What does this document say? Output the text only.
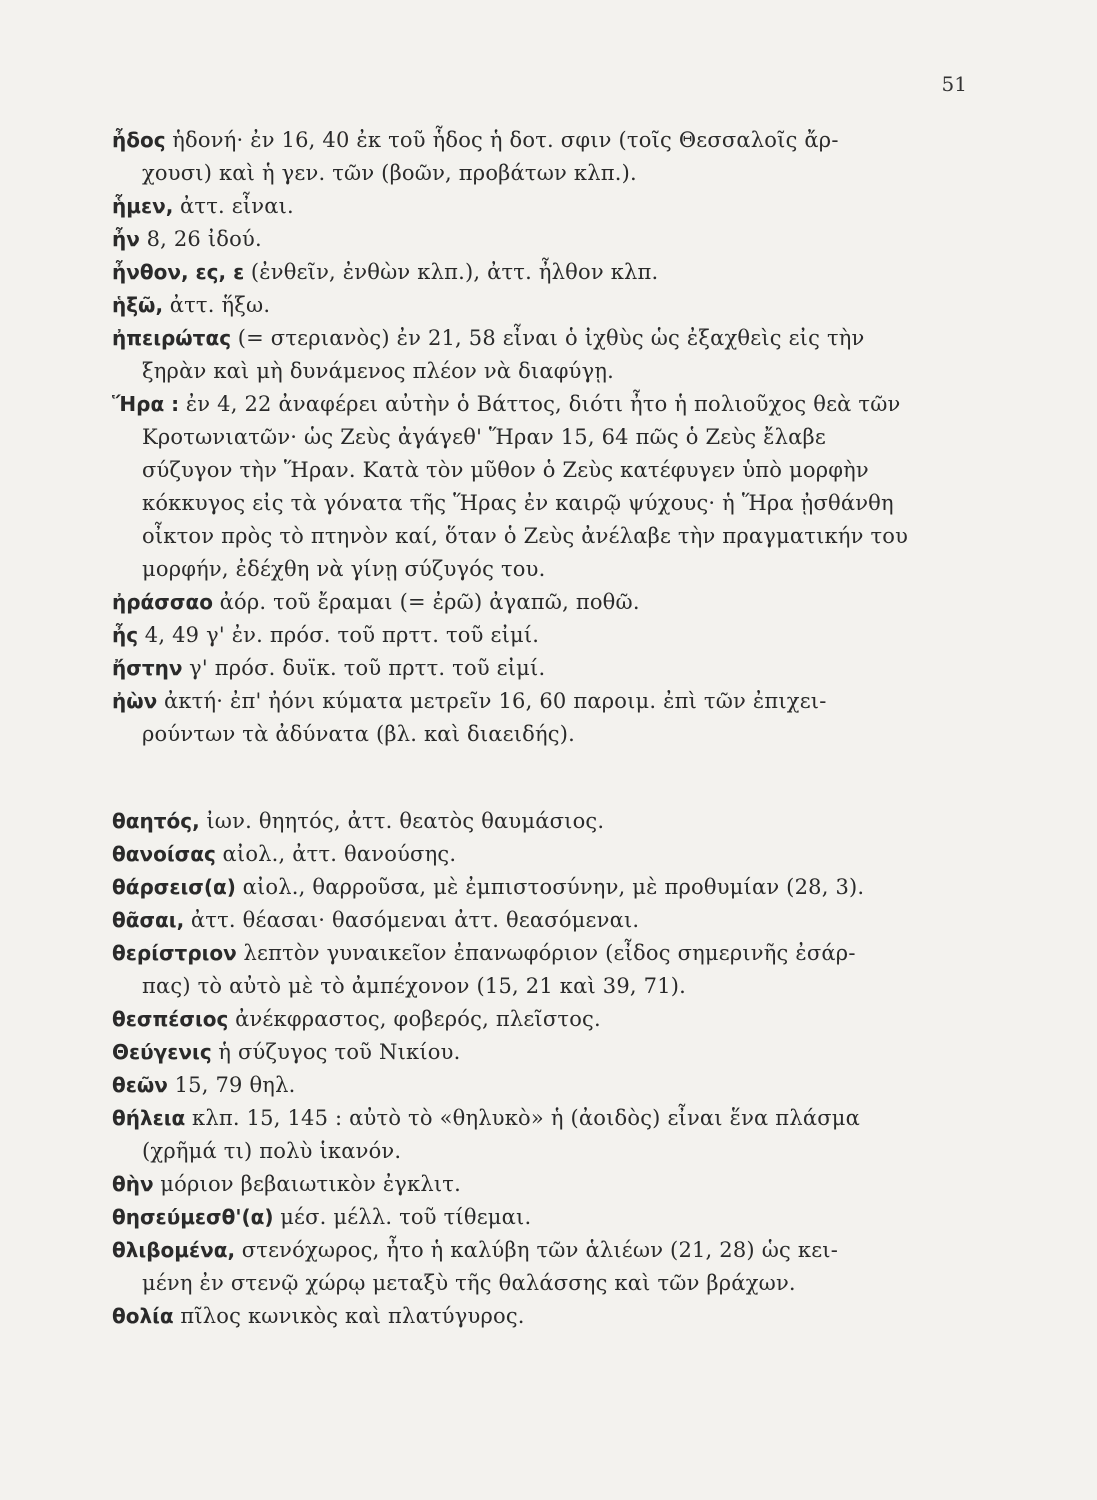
51
ἦδος ἡδονή· ἐν 16, 40 ἐκ τοῦ ἧδος ἡ δοτ. σφιν (τοῖς Θεσσαλοῖς ἄρ-
χουσι) καὶ ἡ γεν. τῶν (βοῶν, προβάτων κλπ.).
ἧμεν, ἀττ. εἶναι.
ἦν 8, 26 ἰδού.
ἦνθον, ες, ε (ἐνθεῖν, ἐνθὼν κλπ.), ἀττ. ἦλθον κλπ.
ἡξῶ, ἀττ. ἥξω.
ἠπειρώτας (= στεριανὸς) ἐν 21, 58 εἶναι ὁ ἰχθὺς ὡς ἐξαχθεὶς εἰς τὴν
ξηρὰν καὶ μὴ δυνάμενος πλέον νὰ διαφύγῃ.
Ἥρα : ἐν 4, 22 ἀναφέρει αὐτὴν ὁ Βάττος, διότι ἦτο ἡ πολιοῦχος θεὰ τῶν
Κροτωνιατῶν· ὡς Ζεὺς ἀγάγεθ' Ἥραν 15, 64 πῶς ὁ Ζεὺς ἔλαβε
σύζυγον τὴν Ἥραν. Κατὰ τὸν μῦθον ὁ Ζεὺς κατέφυγεν ὑπὸ μορφὴν
κόκκυγος εἰς τὰ γόνατα τῆς Ἥρας ἐν καιρῷ ψύχους· ἡ Ἥρα ᾐσθάνθη
οἶκτον πρὸς τὸ πτηνὸν καί, ὅταν ὁ Ζεὺς ἀνέλαβε τὴν πραγματικήν του
μορφήν, ἐδέχθη νὰ γίνῃ σύζυγός του.
ἠράσσαο ἀόρ. τοῦ ἔραμαι (= ἐρῶ) ἀγαπῶ, ποθῶ.
ἦς 4, 49 γ' ἐν. πρόσ. τοῦ πρττ. τοῦ εἰμί.
ἤστην γ' πρόσ. δυϊκ. τοῦ πρττ. τοῦ εἰμί.
ἠὼν ἀκτή· ἐπ' ἠόνι κύματα μετρεῖν 16, 60 παροιμ. ἐπὶ τῶν ἐπιχει-
ρούντων τὰ ἀδύνατα (βλ. καὶ διαειδής).
θαητός, ἰων. θηητός, ἀττ. θεατὸς θαυμάσιος.
θανοίσας αἰολ., ἀττ. θανούσης.
θάρσεισ(α) αἰολ., θαρροῦσα, μὲ ἐμπιστοσύνην, μὲ προθυμίαν (28, 3).
θᾶσαι, ἀττ. θέασαι· θασόμεναι ἀττ. θεασόμεναι.
θερίστριον λεπτὸν γυναικεῖον ἐπανωφόριον (εἶδος σημερινῆς ἐσάρ-
πας) τὸ αὐτὸ μὲ τὸ ἀμπέχονον (15, 21 καὶ 39, 71).
θεσπέσιος ἀνέκφραστος, φοβερός, πλεῖστος.
Θεύγενις ἡ σύζυγος τοῦ Νικίου.
θεῶν 15, 79 θηλ.
θήλεια κλπ. 15, 145 : αὐτὸ τὸ «θηλυκὸ» ἡ (ἀοιδὸς) εἶναι ἕνα πλάσμα
(χρῆμά τι) πολὺ ἱκανόν.
θὴν μόριον βεβαιωτικὸν ἐγκλιτ.
θησεύμεσθ'(α) μέσ. μέλλ. τοῦ τίθεμαι.
θλιβομένα, στενόχωρος, ἦτο ἡ καλύβη τῶν ἁλιέων (21, 28) ὡς κει-
μένη ἐν στενῷ χώρῳ μεταξὺ τῆς θαλάσσης καὶ τῶν βράχων.
θολία πῖλος κωνικὸς καὶ πλατύγυρος.
